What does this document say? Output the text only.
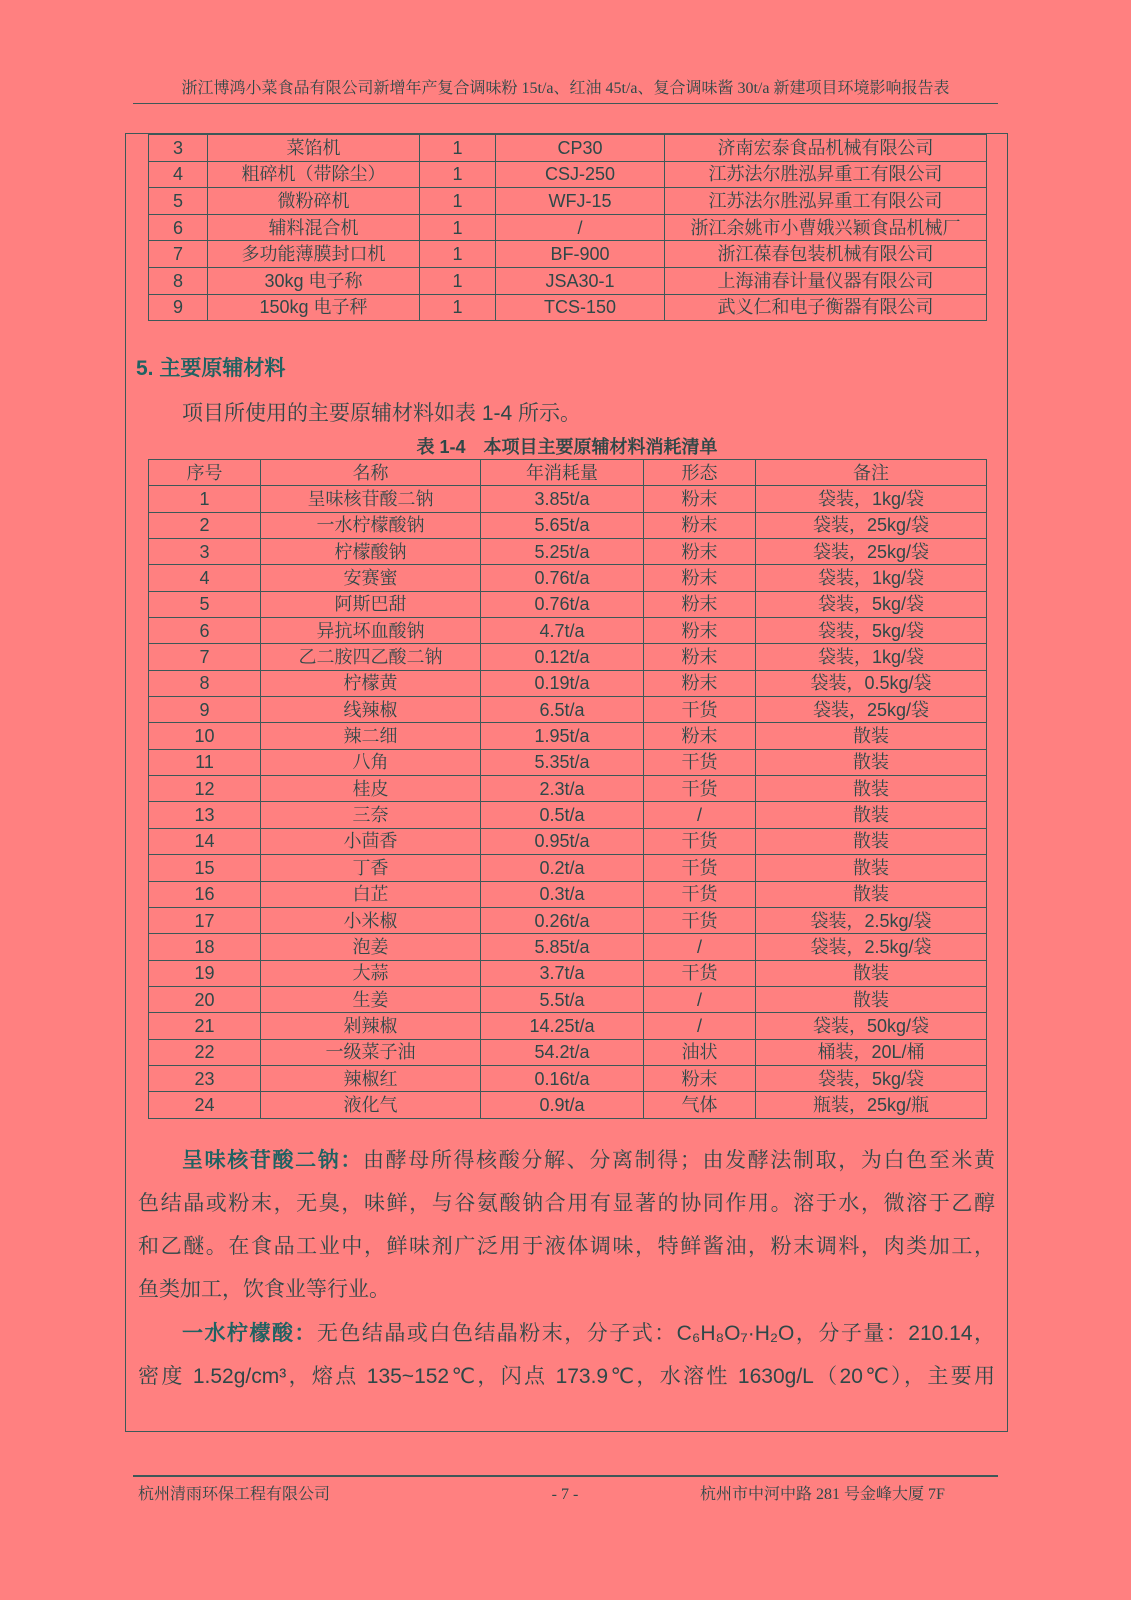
浙江博鸿小菜食品有限公司新增年产复合调味粉 15t/a、红油 45t/a、复合调味酱 30t/a 新建项目环境影响报告表
3	菜馅机	1	CP30	济南宏泰食品机械有限公司
4	粗碎机（带除尘）	1	CSJ-250	江苏法尔胜泓昇重工有限公司
5	微粉碎机	1	WFJ-15	江苏法尔胜泓昇重工有限公司
6	辅料混合机	1	/	浙江余姚市小曹娥兴颖食品机械厂
7	多功能薄膜封口机	1	BF-900	浙江葆春包装机械有限公司
8	30kg 电子称	1	JSA30-1	上海浦春计量仪器有限公司
9	150kg 电子秤	1	TCS-150	武义仁和电子衡器有限公司
5. 主要原辅材料
项目所使用的主要原辅材料如表 1-4 所示。
表 1-4　本项目主要原辅材料消耗清单
序号	名称	年消耗量	形态	备注
1	呈味核苷酸二钠	3.85t/a	粉末	袋装，1kg/袋
2	一水柠檬酸钠	5.65t/a	粉末	袋装，25kg/袋
3	柠檬酸钠	5.25t/a	粉末	袋装，25kg/袋
4	安赛蜜	0.76t/a	粉末	袋装，1kg/袋
5	阿斯巴甜	0.76t/a	粉末	袋装，5kg/袋
6	异抗坏血酸钠	4.7t/a	粉末	袋装，5kg/袋
7	乙二胺四乙酸二钠	0.12t/a	粉末	袋装，1kg/袋
8	柠檬黄	0.19t/a	粉末	袋装，0.5kg/袋
9	线辣椒	6.5t/a	干货	袋装，25kg/袋
10	辣二细	1.95t/a	粉末	散装
11	八角	5.35t/a	干货	散装
12	桂皮	2.3t/a	干货	散装
13	三奈	0.5t/a	/	散装
14	小茴香	0.95t/a	干货	散装
15	丁香	0.2t/a	干货	散装
16	白芷	0.3t/a	干货	散装
17	小米椒	0.26t/a	干货	袋装，2.5kg/袋
18	泡姜	5.85t/a	/	袋装，2.5kg/袋
19	大蒜	3.7t/a	干货	散装
20	生姜	5.5t/a	/	散装
21	剁辣椒	14.25t/a	/	袋装，50kg/袋
22	一级菜子油	54.2t/a	油状	桶装，20L/桶
23	辣椒红	0.16t/a	粉末	袋装，5kg/袋
24	液化气	0.9t/a	气体	瓶装，25kg/瓶
呈味核苷酸二钠：由酵母所得核酸分解、分离制得；由发酵法制取，为白色至米黄
色结晶或粉末，无臭，味鲜，与谷氨酸钠合用有显著的协同作用。溶于水，微溶于乙醇
和乙醚。在食品工业中，鲜味剂广泛用于液体调味，特鲜酱油，粉末调料，肉类加工，
鱼类加工，饮食业等行业。
一水柠檬酸：无色结晶或白色结晶粉末，分子式：C₆H₈O₇·H₂O，分子量：210.14，
密度 1.52g/cm³，熔点 135~152℃，闪点 173.9℃，水溶性 1630g/L（20℃），主要用
杭州清雨环保工程有限公司	- 7 -	杭州市中河中路 281 号金峰大厦 7F
